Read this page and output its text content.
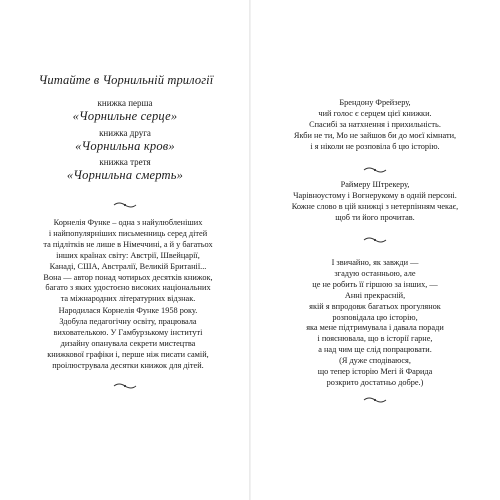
Читайте в Чорнильній трилогії
книжка перша
«Чорнильне серце»
книжка друга
«Чорнильна кров»
книжка третя
«Чорнильна смерть»
Корнелія Функе – одна з найулюбленіших
і найпопулярніших письменниць серед дітей
та підлітків не лише в Німеччині, а й у багатьох
інших країнах світу: Австрії, Швейцарії,
Канаді, США, Австралії, Великій Британії...
Вона — автор понад чотирьох десятків книжок,
багато з яких удостоєно високих національних
та міжнародних літературних відзнак.
Народилася Корнелія Функе 1958 року.
Здобула педагогічну освіту, працювала
вихователькою. У Гамбурзькому інституті
дизайну опанувала секрети мистецтва
книжкової графіки і, перше ніж писати самій,
проілюструвала десятки книжок для дітей.
Брендону Фрейзеру,
чий голос є серцем цієї книжки.
Спасибі за натхнення і прихильність.
Якби не ти, Мо не зайшов би до моєї кімнати,
і я ніколи не розповіла б цю історію.
Раймеру Штрекеру,
Чарівноустому і Вогнерукому в одній персоні.
Кожне слово в цій книжці з нетерпінням чекає,
щоб ти його прочитав.
І звичайно, як завжди —
згадую останньою, але
це не робить її гіршою за інших, —
Анні прекрасній,
якій я впродовж багатьох прогулянок
розповідала цю історію,
яка мене підтримувала і давала поради
і пояснювала, що в історії гарне,
а над чим ще слід попрацювати.
(Я дуже сподіваюся,
що тепер історію Мегі й Фарида
розкрито достатньо добре.)
